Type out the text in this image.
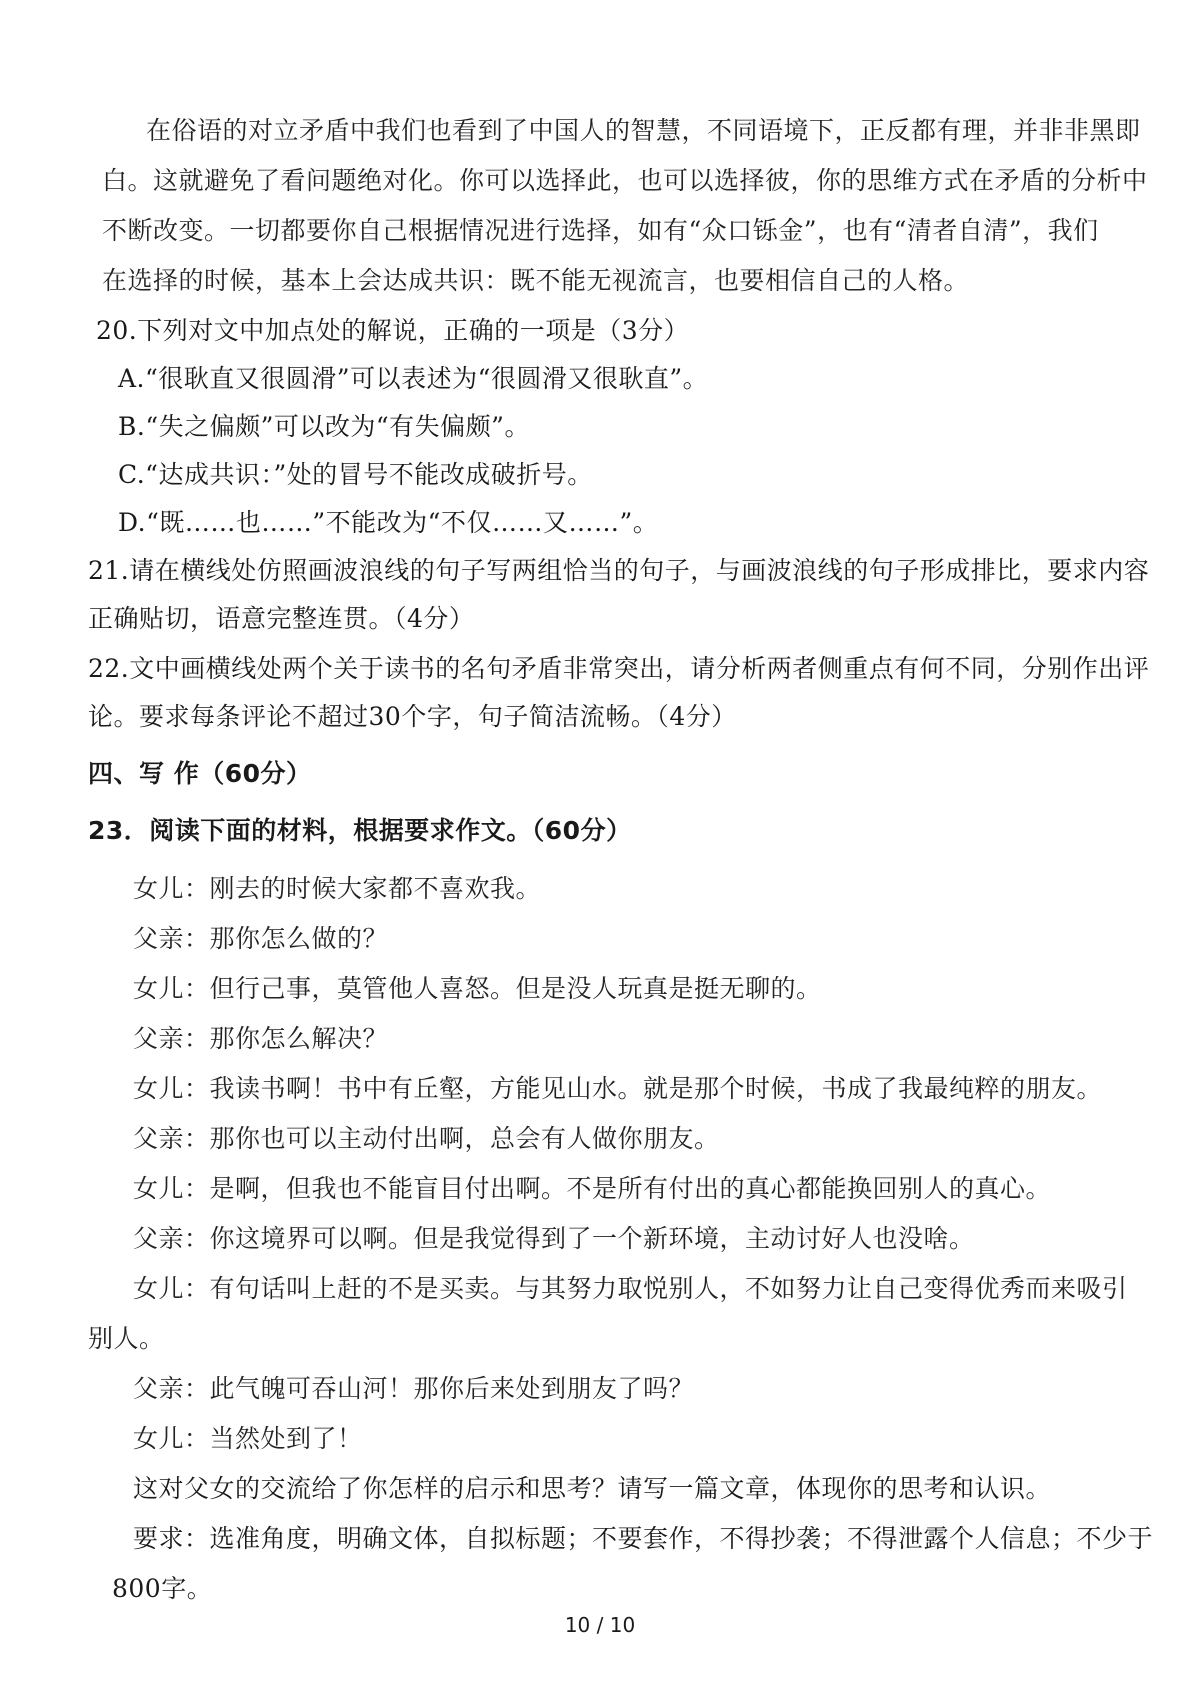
在俗语的对立矛盾中我们也看到了中国人的智慧，不同语境下，正反都有理，并非非黑即
白。这就避免了看问题绝对化。你可以选择此，也可以选择彼，你的思维方式在矛盾的分析中
不断改变。一切都要你自己根据情况进行选择，如有“众口铄金”，也有“清者自清”，我们
在选择的时候，基本上会达成共识：既不能无视流言，也要相信自己的人格。
20.下列对文中加点处的解说，正确的一项是（3分）
A.“很耿直又很圆滑”可以表述为“很圆滑又很耿直”。
B.“失之偏颇”可以改为“有失偏颇”。
C.“达成共识：”处的冒号不能改成破折号。
D.“既……也……”不能改为“不仅……又……”。
21.请在横线处仿照画波浪线的句子写两组恰当的句子，与画波浪线的句子形成排比，要求内容
正确贴切，语意完整连贯。（4分）
22.文中画横线处两个关于读书的名句矛盾非常突出，请分析两者侧重点有何不同，分别作出评
论。要求每条评论不超过30个字，句子简洁流畅。（4分）
四、写 作（60分）
23．阅读下面的材料，根据要求作文。（60分）
女儿：刚去的时候大家都不喜欢我。
父亲：那你怎么做的？
女儿：但行己事，莫管他人喜怒。但是没人玩真是挺无聊的。
父亲：那你怎么解决？
女儿：我读书啊！书中有丘壑，方能见山水。就是那个时候，书成了我最纯粹的朋友。
父亲：那你也可以主动付出啊，总会有人做你朋友。
女儿：是啊，但我也不能盲目付出啊。不是所有付出的真心都能换回别人的真心。
父亲：你这境界可以啊。但是我觉得到了一个新环境，主动讨好人也没啥。
女儿：有句话叫上赶的不是买卖。与其努力取悦别人，不如努力让自己变得优秀而来吸引
别人。
父亲：此气魄可吞山河！那你后来处到朋友了吗？
女儿：当然处到了！
这对父女的交流给了你怎样的启示和思考？请写一篇文章，体现你的思考和认识。
要求：选准角度，明确文体，自拟标题；不要套作，不得抄袭；不得泄露个人信息；不少于
800字。
10 / 10
